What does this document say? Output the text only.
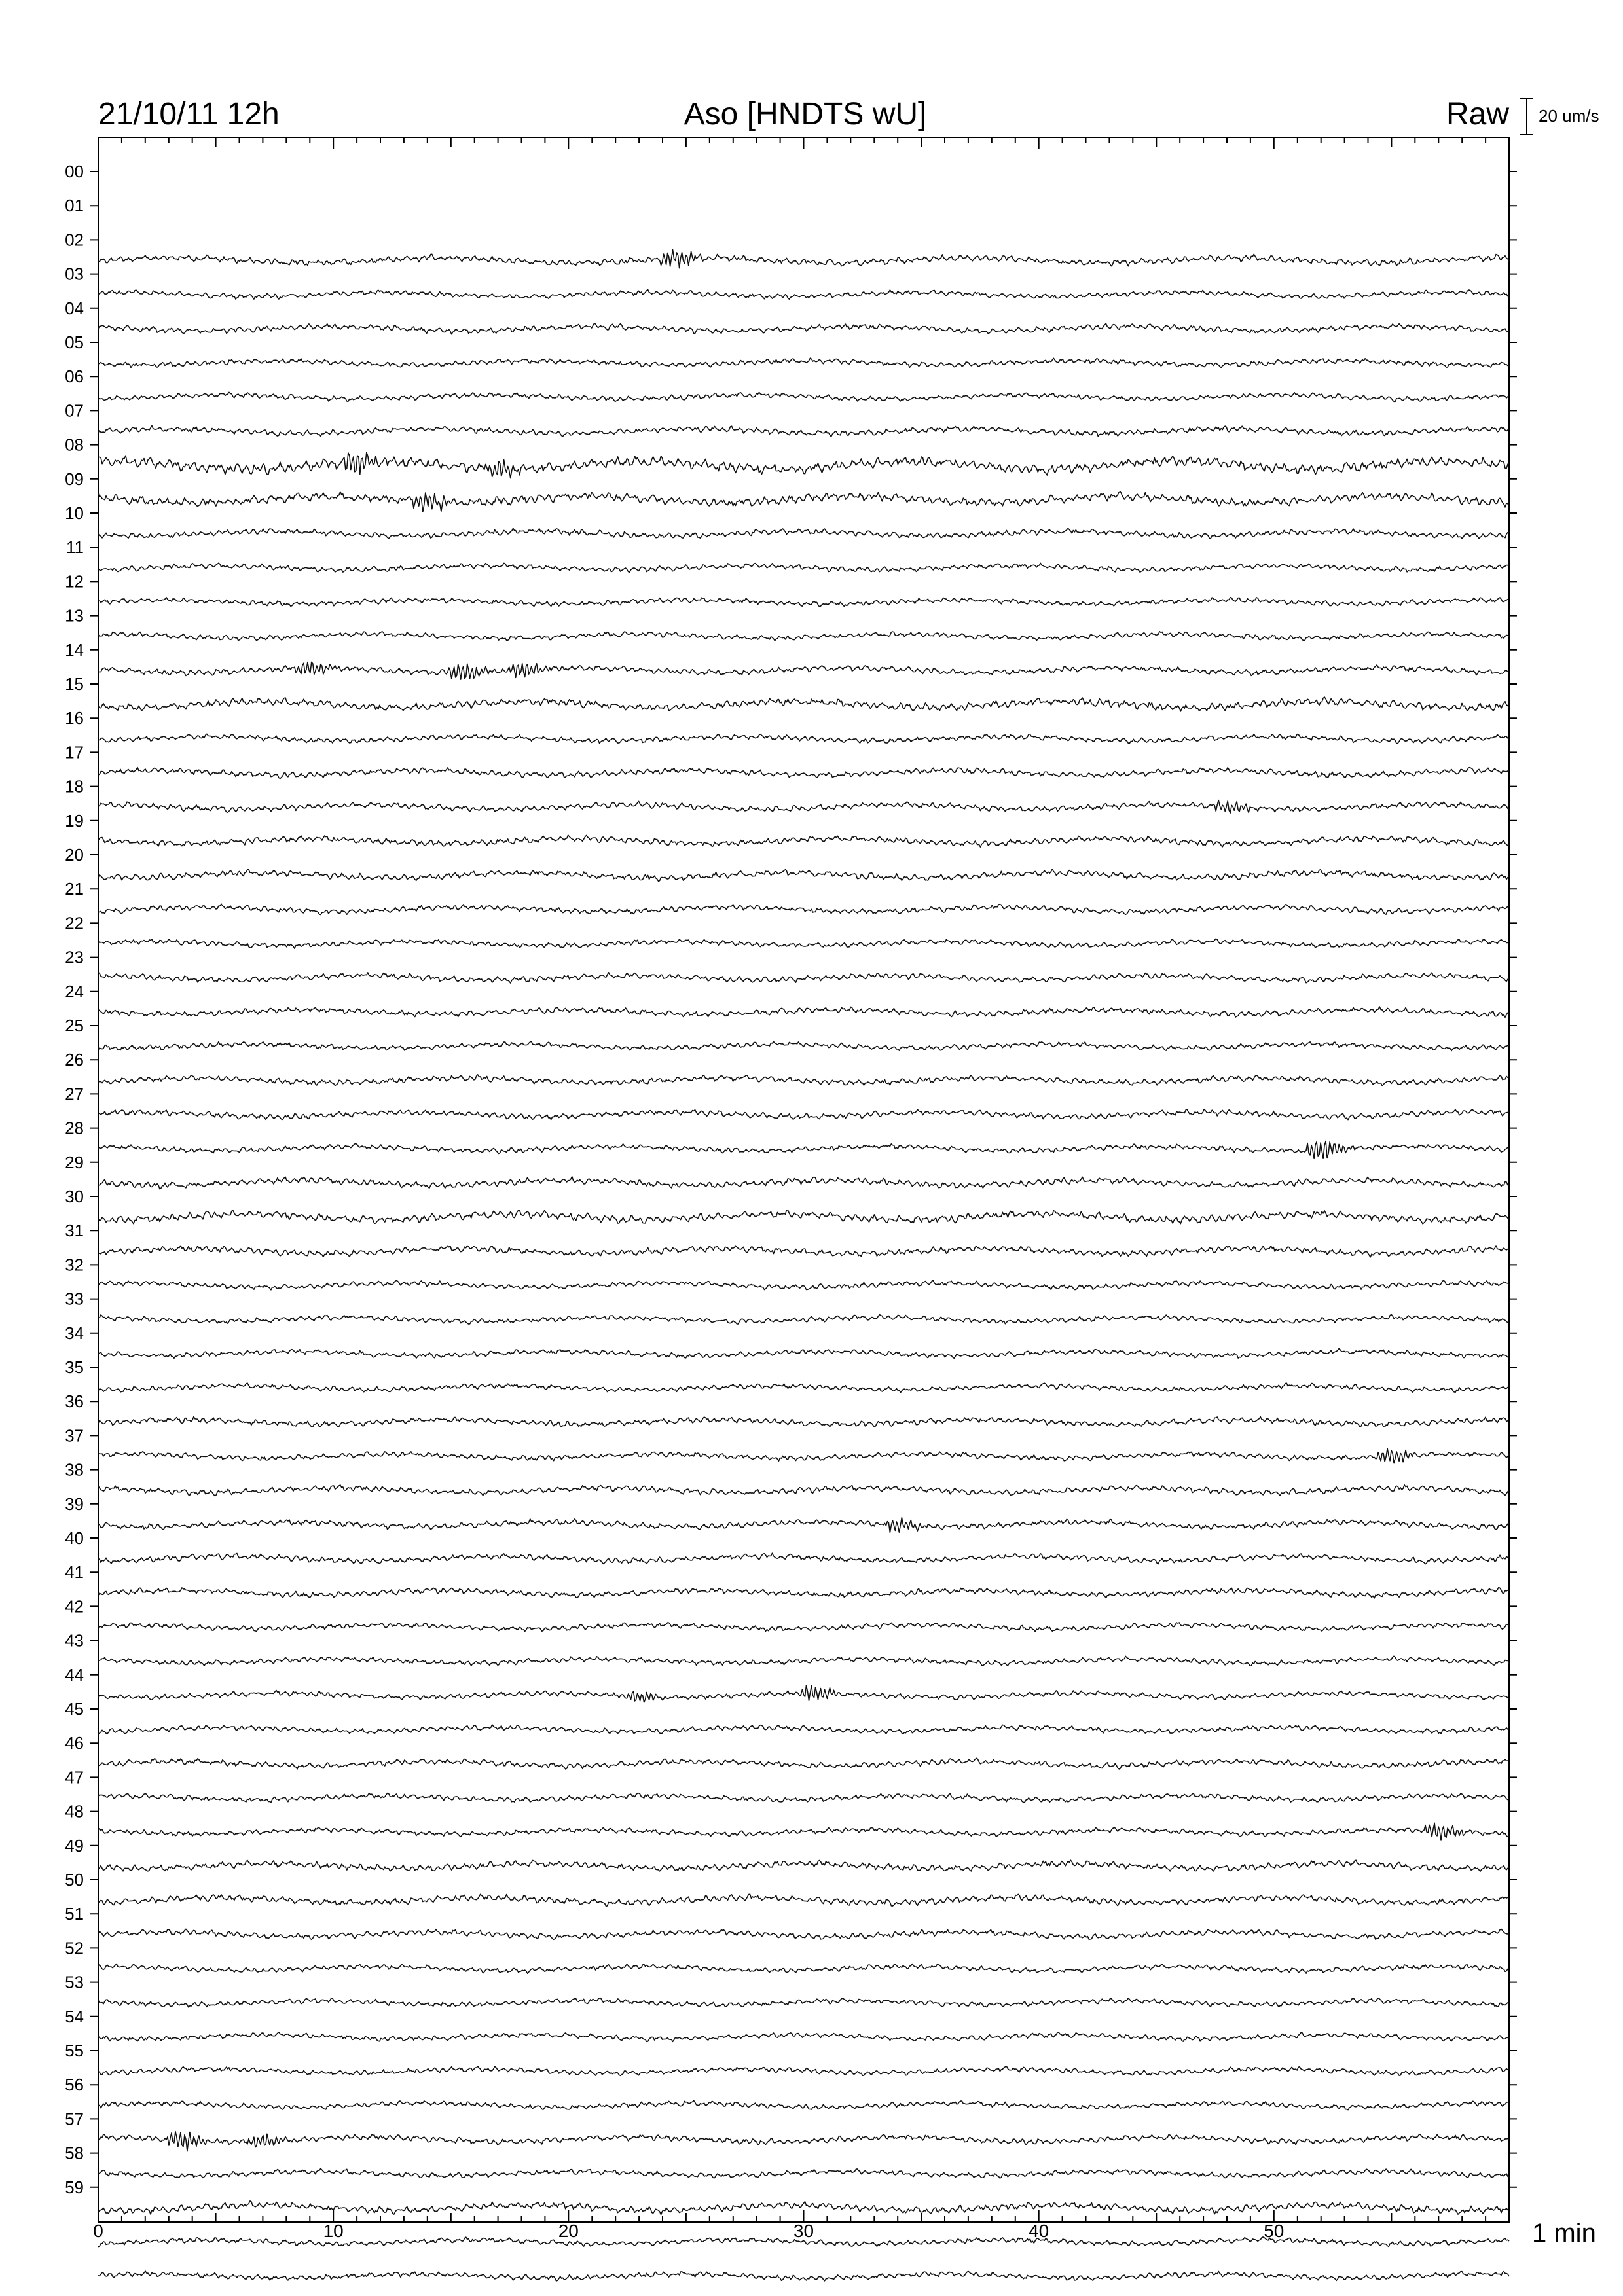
21/10/11 12h	Aso [HNDTS wU]	Raw 20 um/s
00
01
02
03
04
05
06
07
08
09
10
11
12
13
14
15
16
17
18
19
20
21
22
23
24
25
26
27
28
29
30
31
32
33
34
35
36
37
38
39
40
41
42
43
44
45
46
47
48
49
50
51
52
53
54
55
56
57
58
59
0	10	20	30	40	50	1 min
